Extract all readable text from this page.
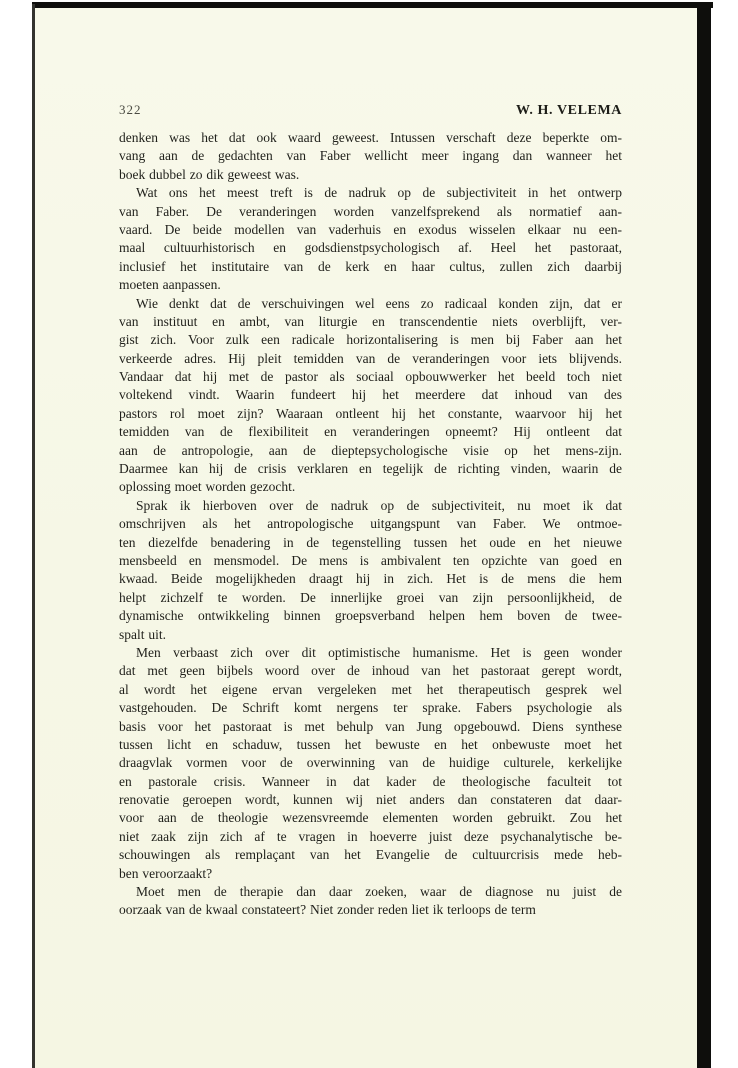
322	W. H. VELEMA
denken was het dat ook waard geweest. Intussen verschaft deze beperkte om-
vang aan de gedachten van Faber wellicht meer ingang dan wanneer het
boek dubbel zo dik geweest was.
Wat ons het meest treft is de nadruk op de subjectiviteit in het ontwerp
van Faber. De veranderingen worden vanzelfsprekend als normatief aan-
vaard. De beide modellen van vaderhuis en exodus wisselen elkaar nu een-
maal cultuurhistorisch en godsdienstpsychologisch af. Heel het pastoraat,
inclusief het institutaire van de kerk en haar cultus, zullen zich daarbij
moeten aanpassen.
Wie denkt dat de verschuivingen wel eens zo radicaal konden zijn, dat er
van instituut en ambt, van liturgie en transcendentie niets overblijft, ver-
gist zich. Voor zulk een radicale horizontalisering is men bij Faber aan het
verkeerde adres. Hij pleit temidden van de veranderingen voor iets blijvends.
Vandaar dat hij met de pastor als sociaal opbouwwerker het beeld toch niet
voltekend vindt. Waarin fundeert hij het meerdere dat inhoud van des
pastors rol moet zijn? Waaraan ontleent hij het constante, waarvoor hij het
temidden van de flexibiliteit en veranderingen opneemt? Hij ontleent dat
aan de antropologie, aan de dieptepsychologische visie op het mens-zijn.
Daarmee kan hij de crisis verklaren en tegelijk de richting vinden, waarin de
oplossing moet worden gezocht.
Sprak ik hierboven over de nadruk op de subjectiviteit, nu moet ik dat
omschrijven als het antropologische uitgangspunt van Faber. We ontmoe-
ten diezelfde benadering in de tegenstelling tussen het oude en het nieuwe
mensbeeld en mensmodel. De mens is ambivalent ten opzichte van goed en
kwaad. Beide mogelijkheden draagt hij in zich. Het is de mens die hem
helpt zichzelf te worden. De innerlijke groei van zijn persoonlijkheid, de
dynamische ontwikkeling binnen groepsverband helpen hem boven de twee-
spalt uit.
Men verbaast zich over dit optimistische humanisme. Het is geen wonder
dat met geen bijbels woord over de inhoud van het pastoraat gerept wordt,
al wordt het eigene ervan vergeleken met het therapeutisch gesprek wel
vastgehouden. De Schrift komt nergens ter sprake. Fabers psychologie als
basis voor het pastoraat is met behulp van Jung opgebouwd. Diens synthese
tussen licht en schaduw, tussen het bewuste en het onbewuste moet het
draagvlak vormen voor de overwinning van de huidige culturele, kerkelijke
en pastorale crisis. Wanneer in dat kader de theologische faculteit tot
renovatie geroepen wordt, kunnen wij niet anders dan constateren dat daar-
voor aan de theologie wezensvreemde elementen worden gebruikt. Zou het
niet zaak zijn zich af te vragen in hoeverre juist deze psychanalytische be-
schouwingen als remplaçant van het Evangelie de cultuurcrisis mede heb-
ben veroorzaakt?
Moet men de therapie dan daar zoeken, waar de diagnose nu juist de
oorzaak van de kwaal constateert? Niet zonder reden liet ik terloops de term
